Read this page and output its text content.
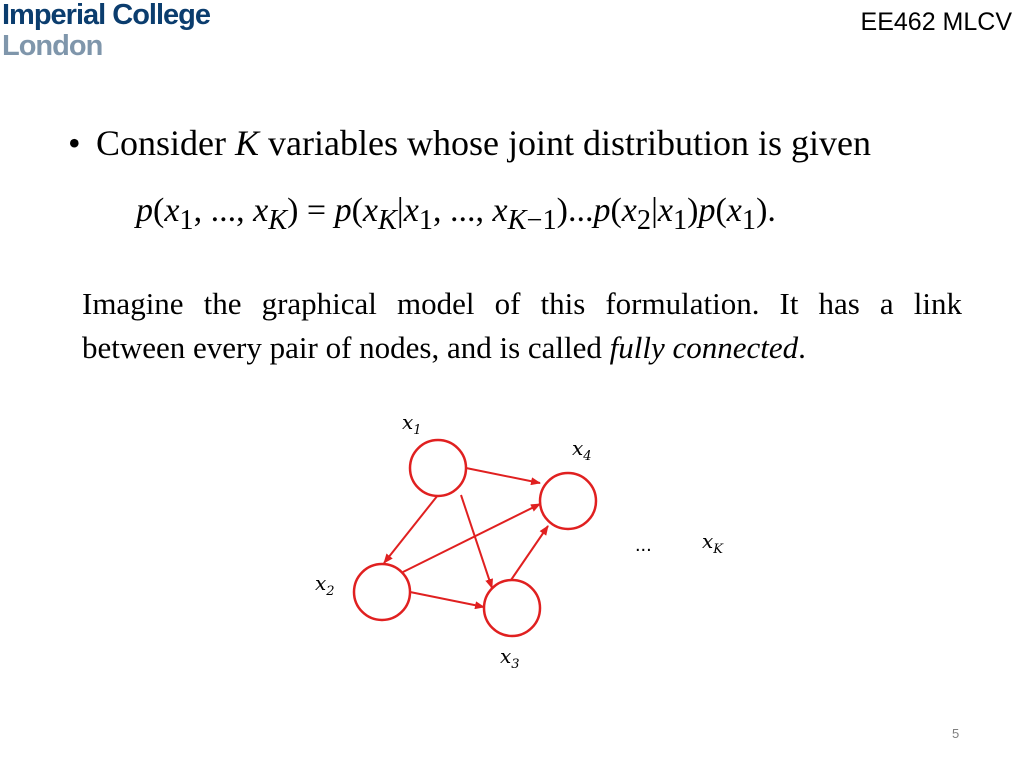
Imperial College
London
EE462 MLCV
• Consider K variables whose joint distribution is given
$p(x_1$, ..., $x_K) = p(x_K|x_1$, ..., $x_{K-1})...p(x_2|x_1)p(x_1)$.
Imagine the graphical model of this formulation. It has a link
between every pair of nodes, and is called fully connected.
$x_1$
$x_4$
$x_2$
$x_3$
...	$x_K$
5
